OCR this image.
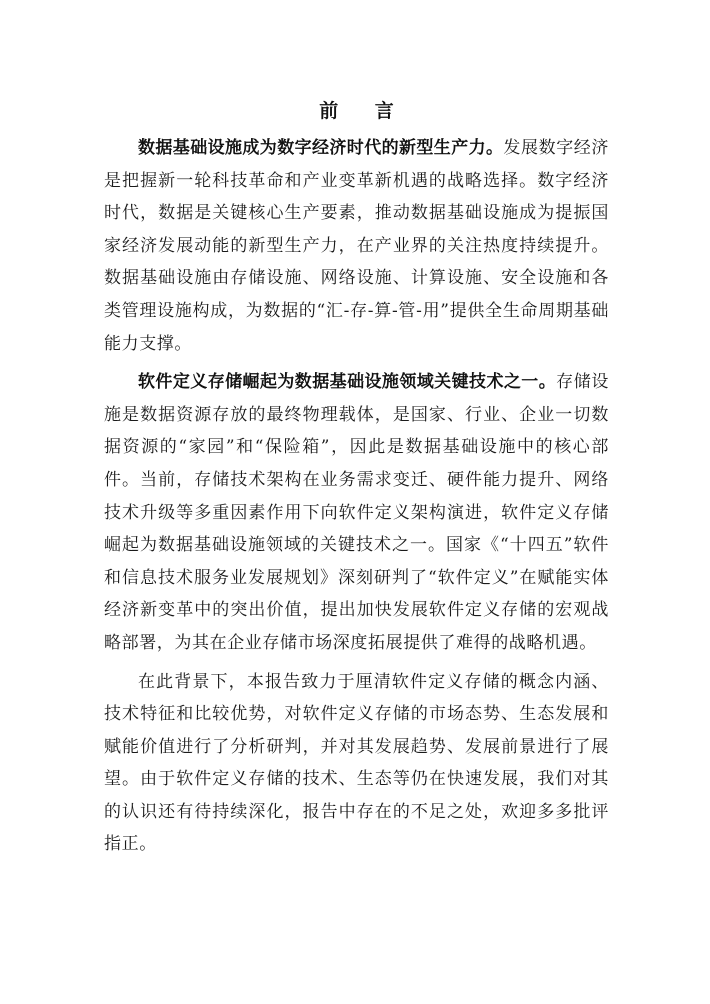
前 言

数据基础设施成为数字经济时代的新型生产力。发展数字经济是把握新一轮科技革命和产业变革新机遇的战略选择。数字经济时代，数据是关键核心生产要素，推动数据基础设施成为提振国家经济发展动能的新型生产力，在产业界的关注热度持续提升。数据基础设施由存储设施、网络设施、计算设施、安全设施和各类管理设施构成，为数据的“汇-存-算-管-用”提供全生命周期基础能力支撑。

软件定义存储崛起为数据基础设施领域关键技术之一。存储设施是数据资源存放的最终物理载体，是国家、行业、企业一切数据资源的“家园”和“保险箱”，因此是数据基础设施中的核心部件。当前，存储技术架构在业务需求变迁、硬件能力提升、网络技术升级等多重因素作用下向软件定义架构演进，软件定义存储崛起为数据基础设施领域的关键技术之一。国家《“十四五”软件和信息技术服务业发展规划》深刻研判了“软件定义”在赋能实体经济新变革中的突出价值，提出加快发展软件定义存储的宏观战略部署，为其在企业存储市场深度拓展提供了难得的战略机遇。

在此背景下，本报告致力于厘清软件定义存储的概念内涵、技术特征和比较优势，对软件定义存储的市场态势、生态发展和赋能价值进行了分析研判，并对其发展趋势、发展前景进行了展望。由于软件定义存储的技术、生态等仍在快速发展，我们对其的认识还有待持续深化，报告中存在的不足之处，欢迎多多批评指正。
